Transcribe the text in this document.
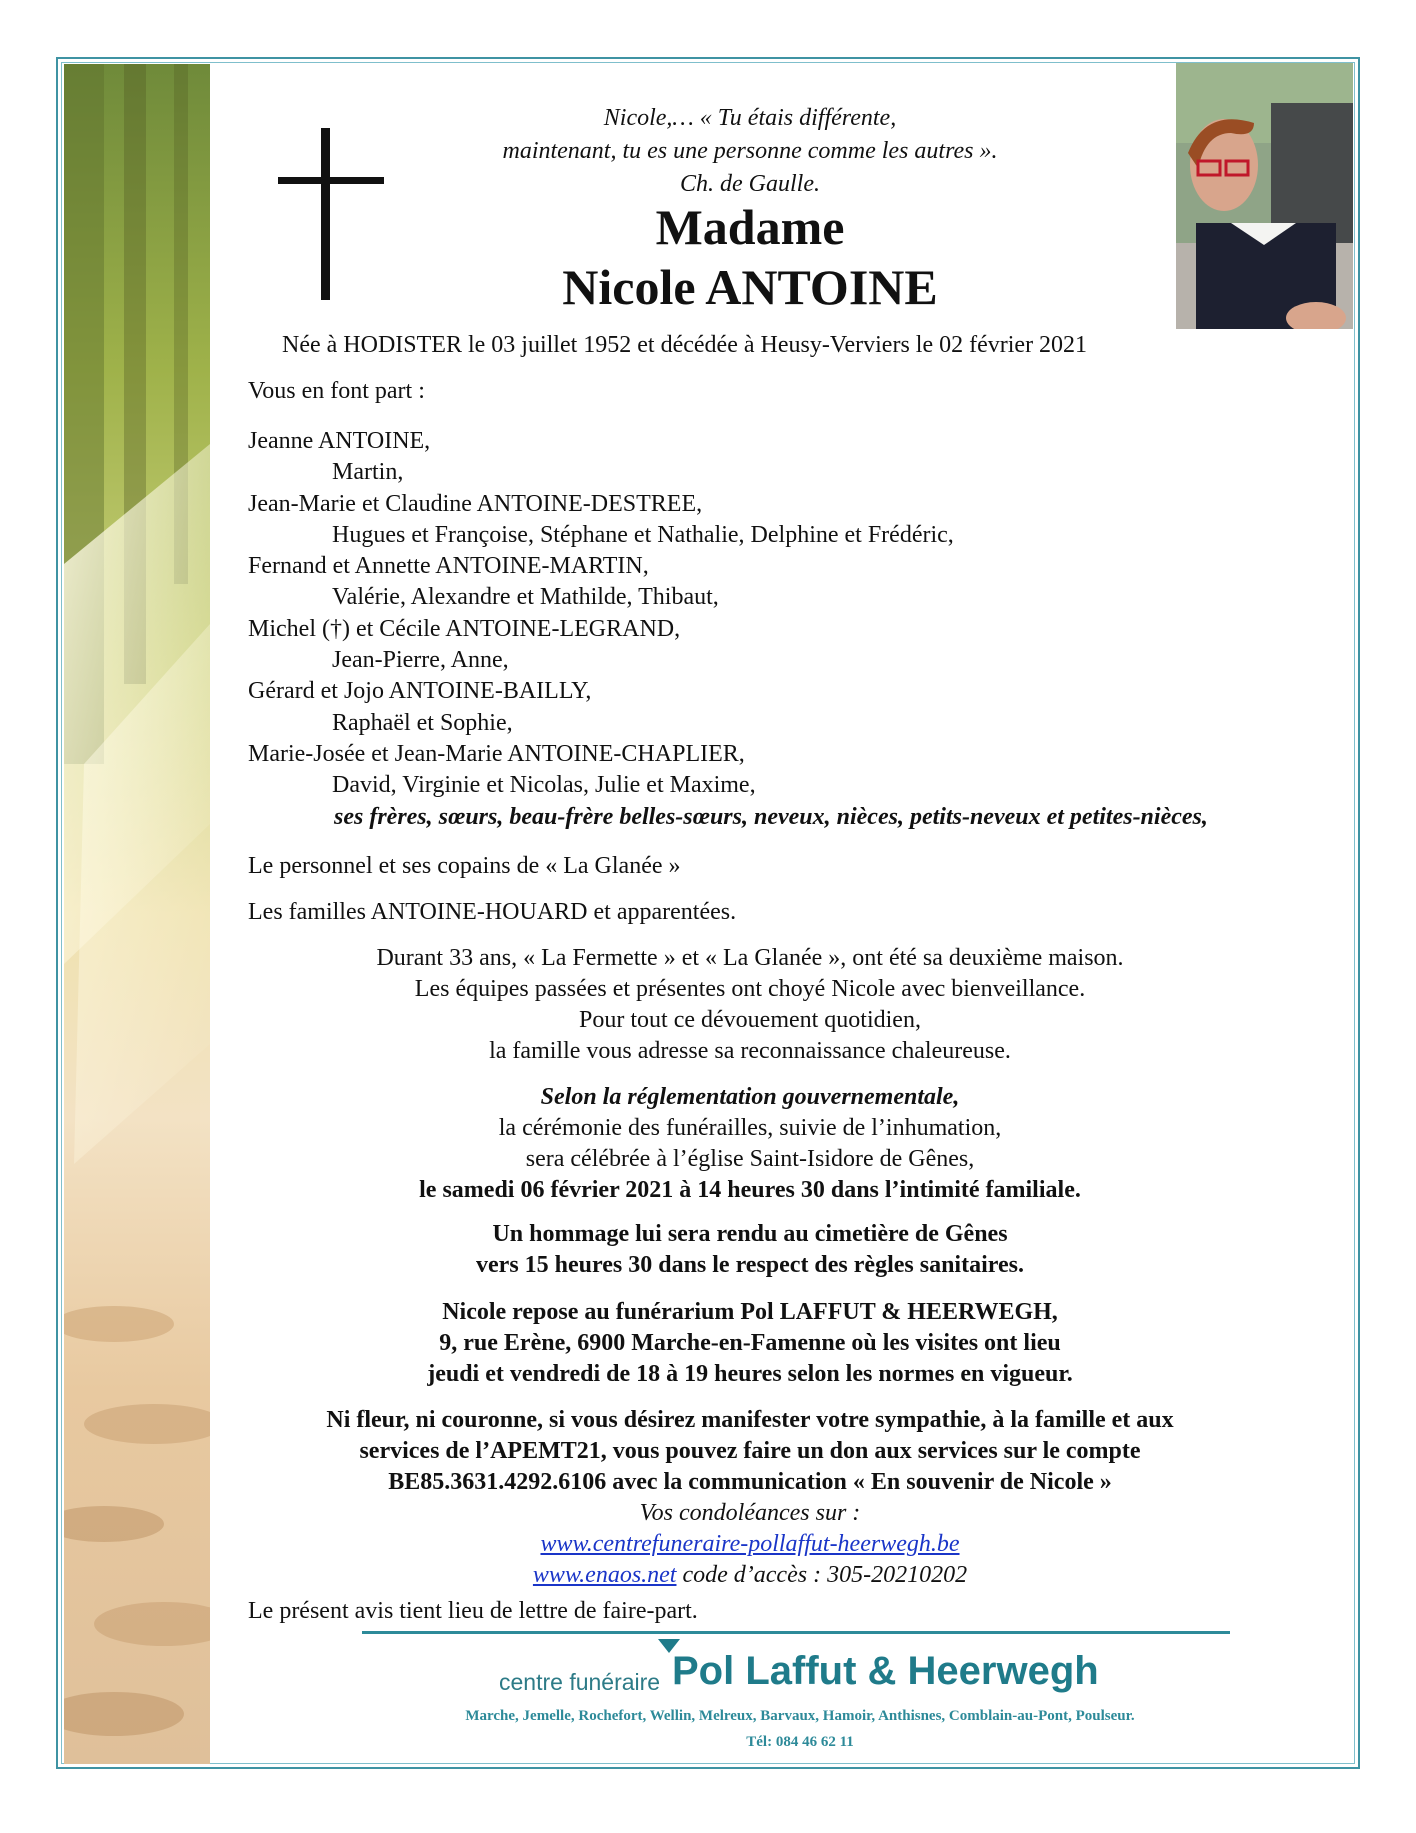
Nicole,… « Tu étais différente,
maintenant, tu es une personne comme les autres ».
Ch. de Gaulle.
Madame
Nicole ANTOINE
Née à HODISTER le 03 juillet 1952 et décédée à Heusy-Verviers le 02 février 2021
Vous en font part :
Jeanne ANTOINE,
Martin,
Jean-Marie et Claudine ANTOINE-DESTREE,
Hugues et Françoise, Stéphane et Nathalie, Delphine et Frédéric,
Fernand et Annette ANTOINE-MARTIN,
Valérie, Alexandre et Mathilde, Thibaut,
Michel (†) et Cécile ANTOINE-LEGRAND,
Jean-Pierre, Anne,
Gérard et Jojo ANTOINE-BAILLY,
Raphaël et Sophie,
Marie-Josée et Jean-Marie ANTOINE-CHAPLIER,
David, Virginie et Nicolas, Julie et Maxime,
ses frères, sœurs, beau-frère belles-sœurs, neveux, nièces, petits-neveux et petites-nièces,
Le personnel et ses copains de « La Glanée »
Les familles ANTOINE-HOUARD et apparentées.
Durant 33 ans, « La Fermette » et « La Glanée », ont été sa deuxième maison.
Les équipes passées et présentes ont choyé Nicole avec bienveillance.
Pour tout ce dévouement quotidien,
la famille vous adresse sa reconnaissance chaleureuse.
Selon la réglementation gouvernementale,
la cérémonie des funérailles, suivie de l’inhumation,
sera célébrée à l’église Saint-Isidore de Gênes,
le samedi 06 février 2021 à 14 heures 30 dans l’intimité familiale.
Un hommage lui sera rendu au cimetière de Gênes
vers 15 heures 30 dans le respect des règles sanitaires.
Nicole repose au funérarium Pol LAFFUT & HEERWEGH,
9, rue Erène, 6900 Marche-en-Famenne où les visites ont lieu
jeudi et vendredi de 18 à 19 heures selon les normes en vigueur.
Ni fleur, ni couronne, si vous désirez manifester votre sympathie, à la famille et aux
services de l’APEMT21, vous pouvez faire un don aux services sur le compte
BE85.3631.4292.6106 avec la communication « En souvenir de Nicole »
Vos condoléances sur :
www.centrefuneraire-pollaffut-heerwegh.be
www.enaos.net code d’accès : 305-20210202
Le présent avis tient lieu de lettre de faire-part.
centre funéraire Pol Laffut & Heerwegh
Marche, Jemelle, Rochefort, Wellin, Melreux, Barvaux, Hamoir, Anthisnes, Comblain-au-Pont, Poulseur.
Tél: 084 46 62 11
